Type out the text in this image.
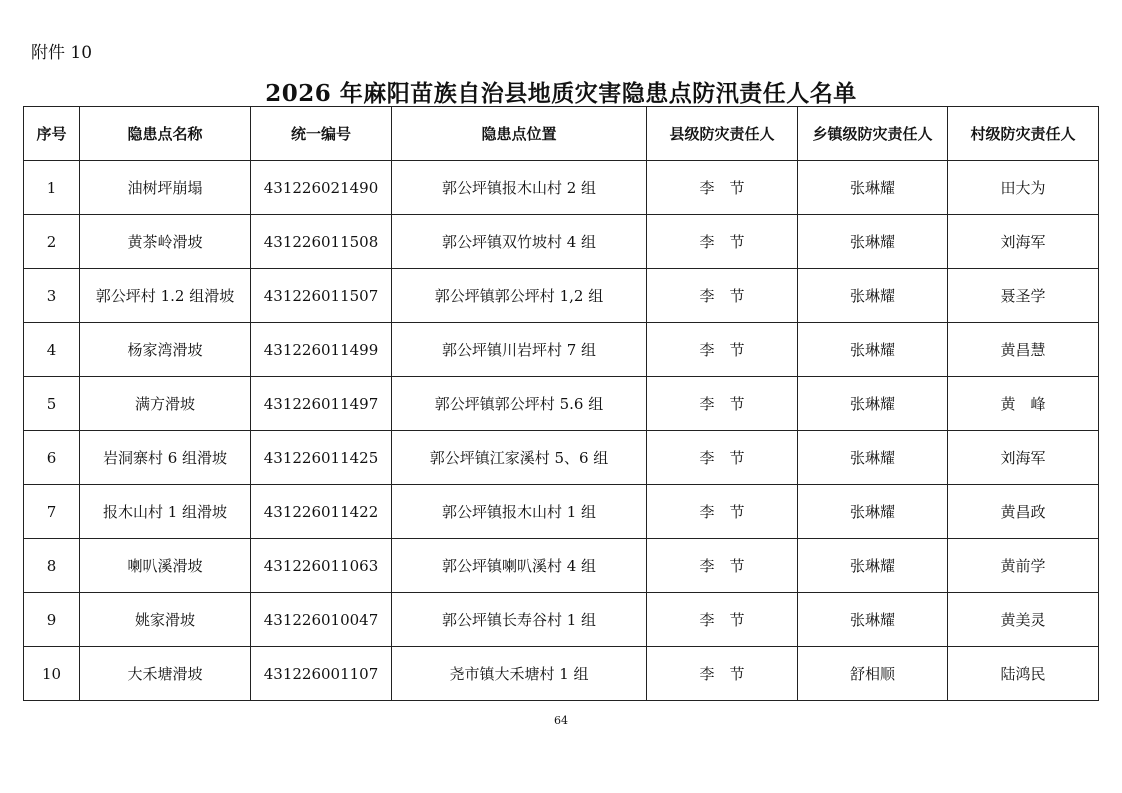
附件 10
2026 年麻阳苗族自治县地质灾害隐患点防汛责任人名单
序号	隐患点名称	统一编号	隐患点位置	县级防灾责任人	乡镇级防灾责任人	村级防灾责任人
1	油树坪崩塌	431226021490	郭公坪镇报木山村 2 组	李　节	张琳耀	田大为
2	黄茶岭滑坡	431226011508	郭公坪镇双竹坡村 4 组	李　节	张琳耀	刘海军
3	郭公坪村 1.2 组滑坡	431226011507	郭公坪镇郭公坪村 1,2 组	李　节	张琳耀	聂圣学
4	杨家湾滑坡	431226011499	郭公坪镇川岩坪村 7 组	李　节	张琳耀	黄昌慧
5	满方滑坡	431226011497	郭公坪镇郭公坪村 5.6 组	李　节	张琳耀	黄　峰
6	岩洞寨村 6 组滑坡	431226011425	郭公坪镇江家溪村 5、6 组	李　节	张琳耀	刘海军
7	报木山村 1 组滑坡	431226011422	郭公坪镇报木山村 1 组	李　节	张琳耀	黄昌政
8	喇叭溪滑坡	431226011063	郭公坪镇喇叭溪村 4 组	李　节	张琳耀	黄前学
9	姚家滑坡	431226010047	郭公坪镇长寿谷村 1 组	李　节	张琳耀	黄美灵
10	大禾塘滑坡	431226001107	尧市镇大禾塘村 1 组	李　节	舒相顺	陆鸿民
64
